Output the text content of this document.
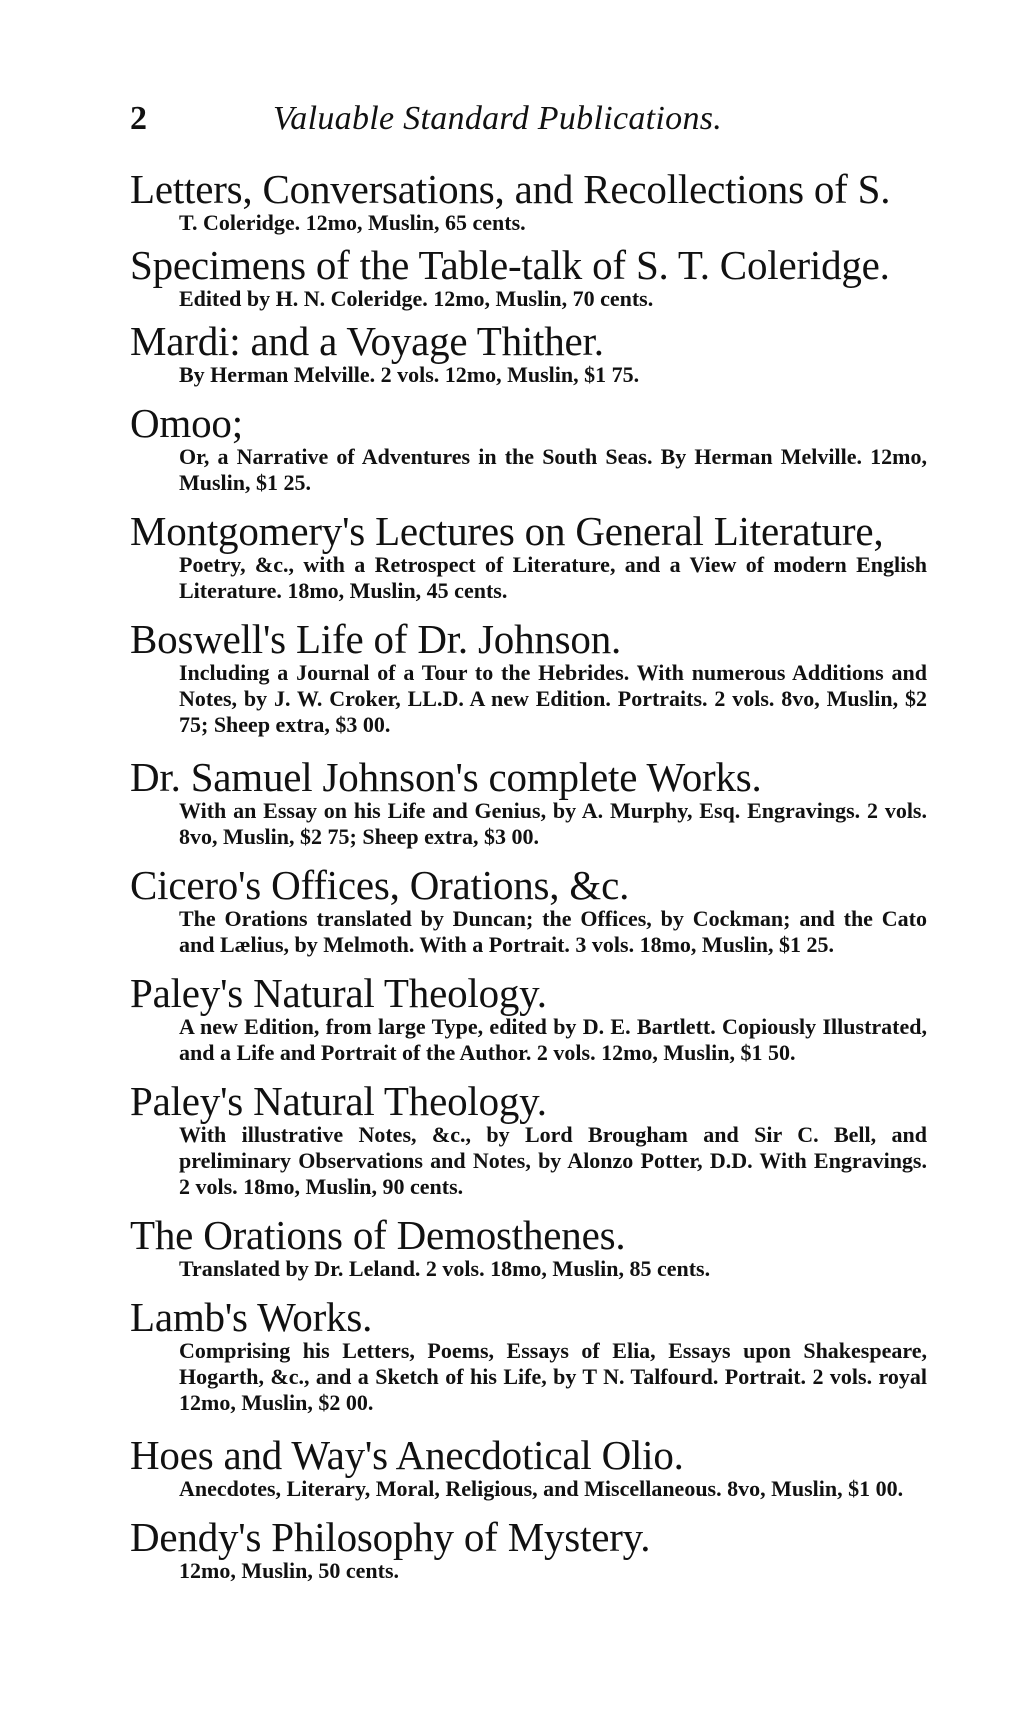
2	Valuable Standard Publications.
Letters, Conversations, and Recollections of S.
T. Coleridge. 12mo, Muslin, 65 cents.
Specimens of the Table-talk of S. T. Coleridge.
Edited by H. N. Coleridge. 12mo, Muslin, 70 cents.
Mardi: and a Voyage Thither.
By Herman Melville. 2 vols. 12mo, Muslin, $1 75.
Omoo;
Or, a Narrative of Adventures in the South Seas. By Herman Melville. 12mo, Muslin, $1 25.
Montgomery's Lectures on General Literature,
Poetry, &c., with a Retrospect of Literature, and a View of modern English Literature. 18mo, Muslin, 45 cents.
Boswell's Life of Dr. Johnson.
Including a Journal of a Tour to the Hebrides. With numerous Additions and Notes, by J. W. Croker, LL.D. A new Edition. Portraits. 2 vols. 8vo, Muslin, $2 75; Sheep extra, $3 00.
Dr. Samuel Johnson's complete Works.
With an Essay on his Life and Genius, by A. Murphy, Esq. Engravings. 2 vols. 8vo, Muslin, $2 75; Sheep extra, $3 00.
Cicero's Offices, Orations, &c.
The Orations translated by Duncan; the Offices, by Cockman; and the Cato and Lælius, by Melmoth. With a Portrait. 3 vols. 18mo, Muslin, $1 25.
Paley's Natural Theology.
A new Edition, from large Type, edited by D. E. Bartlett. Copiously Illustrated, and a Life and Portrait of the Author. 2 vols. 12mo, Muslin, $1 50.
Paley's Natural Theology.
With illustrative Notes, &c., by Lord Brougham and Sir C. Bell, and preliminary Observations and Notes, by Alonzo Potter, D.D. With Engravings. 2 vols. 18mo, Muslin, 90 cents.
The Orations of Demosthenes.
Translated by Dr. Leland. 2 vols. 18mo, Muslin, 85 cents.
Lamb's Works.
Comprising his Letters, Poems, Essays of Elia, Essays upon Shakespeare, Hogarth, &c., and a Sketch of his Life, by T N. Talfourd. Portrait. 2 vols. royal 12mo, Muslin, $2 00.
Hoes and Way's Anecdotical Olio.
Anecdotes, Literary, Moral, Religious, and Miscellaneous. 8vo, Muslin, $1 00.
Dendy's Philosophy of Mystery.
12mo, Muslin, 50 cents.
